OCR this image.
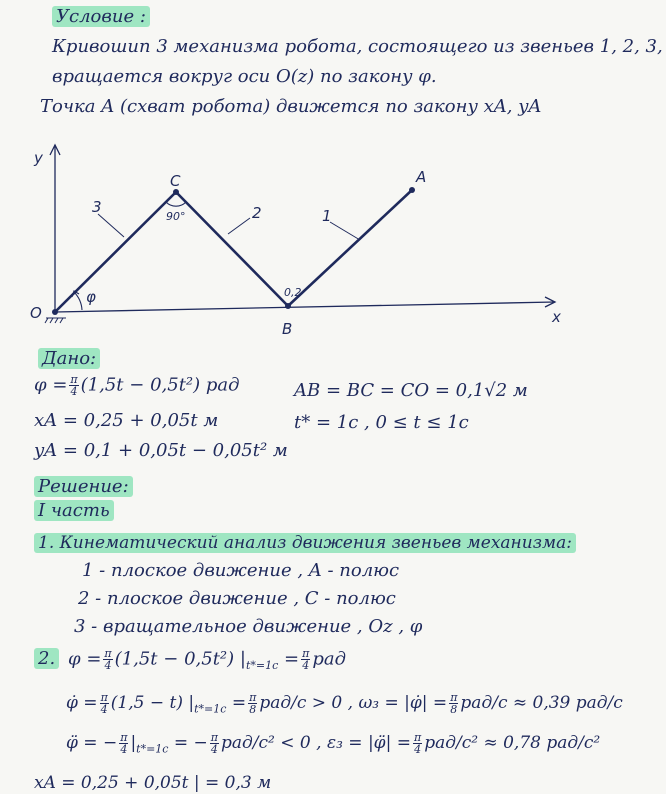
Условие :
Кривошип 3 механизма робота, состоящего из звеньев 1, 2, 3,
вращается вокруг оси O(z) по закону φ.
Точка A (схват робота) движется по закону xA, yA
y
x
O
A
B
C
1
2
3
90°
φ	0,2
Дано:
$\varphi = \frac{\pi}{4} (1,5t - 0,5t^2)$ рад
xA = 0,25 + 0,05t м
yA = 0,1 + 0,05t − 0,05t² м
AB = BC = CO = 0,1√2 м
t* = 1с , 0 ≤ t ≤ 1с
Решение:
I часть
1. Кинематический анализ движения звеньев механизма:
1 - плоское движение , A - полюс
2 - плоское движение , C - полюс
3 - вращательное движение , Oz , φ
2. $\varphi = \frac{\pi}{4} (1,5t - 0,5t^2) |_{t*=1с} = \frac{\pi}{4}$ рад
φ̇ = $\frac{\pi}{4} (1,5 - t) |_{t*=1с} = \frac{\pi}{8} рад/с > 0$ , ω₃ = |φ̇| = $\frac{\pi}{8} рад/с \approx 0,39$ рад/с
φ̈ = − $\frac{\pi}{4} |_{t*=1с}$ = − $\frac{\pi}{4} рад/с^2 < 0$ , ε₃ = |φ̈| = $\frac{\pi}{4} рад/с^2 \approx 0,78$ рад/с²
xA = 0,25 + 0,05t | = 0,3 м
